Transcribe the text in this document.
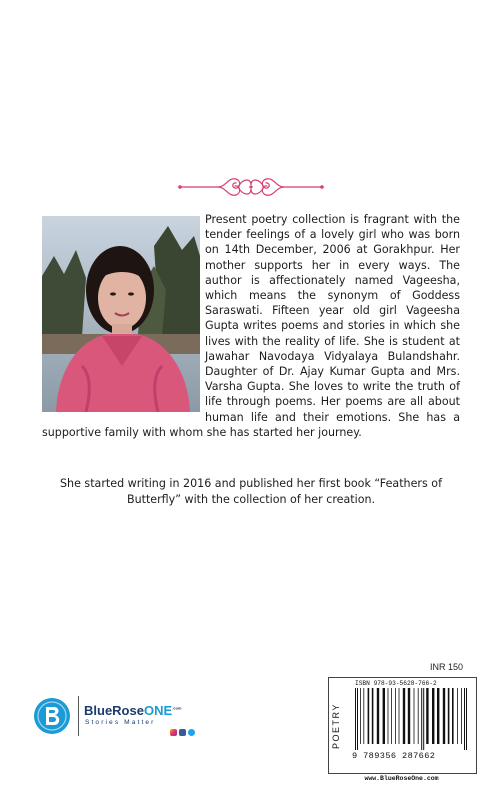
Present poetry collection is fragrant with the tender feelings of a lovely girl who was born on 14th December, 2006 at Gorakhpur. Her mother supports her in every ways. The author is affectionately named Vageesha, which means the synonym of Goddess Saraswati. Fifteen year old girl Vageesha Gupta writes poems and stories in which she lives with the reality of life. She is student at Jawahar Navodaya Vidyalaya Bulandshahr. Daughter of Dr. Ajay Kumar Gupta and Mrs. Varsha Gupta. She loves to write the truth of life through poems. Her poems are all about human life and their emotions. She has a supportive family with whom she has started her journey.

She started writing in 2016 and published her first book “Feathers of Butterfly” with the collection of her creation.

INR 150
POETRY
ISBN 978-93-5628-766-2
9 789356 287662
www.BlueRoseOne.com
BlueRoseONE$^{.com}$
Stories Matter
